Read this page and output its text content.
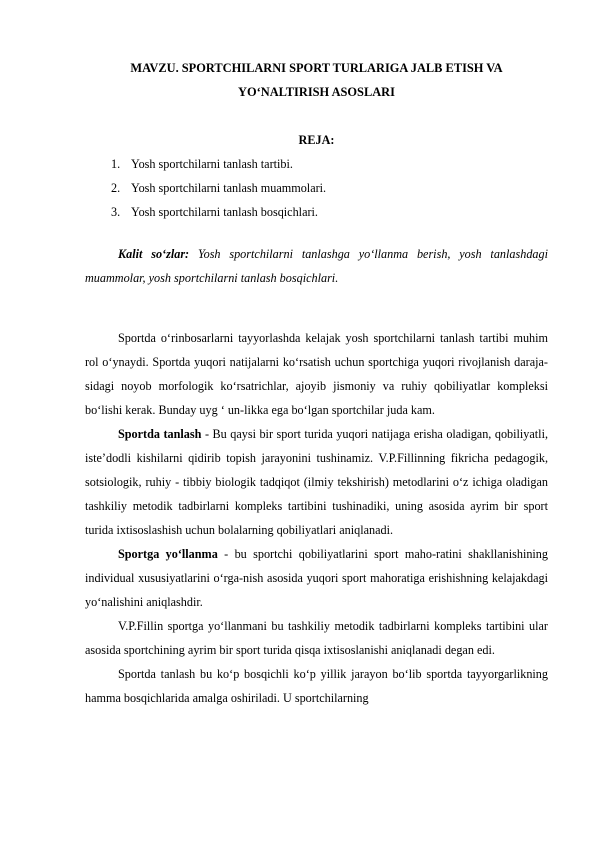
MAVZU. SPORTCHILARNI SPORT TURLARIGA JALB ETISH VA
YO‘NALTIRISH ASOSLARI
REJA:
1. Yosh sportchilarni tanlash tartibi.
2. Yosh sportchilarni tanlash muammolari.
3. Yosh sportchilarni tanlash bosqichlari.

Kalit so‘zlar: Yosh sportchilarni tanlashga yo‘llanma berish, yosh tanlashdagi muammolar, yosh sportchilarni tanlash bosqichlari.

Sportda o‘rinbosarlarni tayyorlashda kelajak yosh sportchilarni tanlash tartibi muhim rol o‘ynaydi. Sportda yuqori natijalarni ko‘rsatish uchun sportchiga yuqori rivojlanish daraja-sidagi noyob morfologik ko‘rsatrichlar, ajoyib jismoniy va ruhiy qobiliyatlar kompleksi bo‘lishi kerak. Bunday uyg ‘ un-likka ega bo‘lgan sportchilar juda kam.

Sportda tanlash - Bu qaysi bir sport turida yuqori natijaga erisha oladigan, qobiliyatli, iste’dodli kishilarni qidirib topish jarayonini tushinamiz. V.P.Fillinning fikricha pedagogik, sotsiologik, ruhiy - tibbiy biologik tadqiqot (ilmiy tekshirish) metodlarini o‘z ichiga oladigan tashkiliy metodik tadbirlarni kompleks tartibini tushinadiki, uning asosida ayrim bir sport turida ixtisoslashish uchun bolalarning qobiliyatlari aniqlanadi.

Sportga yo‘llanma - bu sportchi qobiliyatlarini sport maho-ratini shakllanishining individual xususiyatlarini o‘rga-nish asosida yuqori sport mahoratiga erishishning kelajakdagi yo‘nalishini aniqlashdir.

V.P.Fillin sportga yo‘llanmani bu tashkiliy metodik tadbirlarni kompleks tartibini ular asosida sportchining ayrim bir sport turida qisqa ixtisoslanishi aniqlanadi degan edi.

Sportda tanlash bu ko‘p bosqichli ko‘p yillik jarayon bo‘lib sportda tayyorgarlikning hamma bosqichlarida amalga oshiriladi. U sportchilarning
